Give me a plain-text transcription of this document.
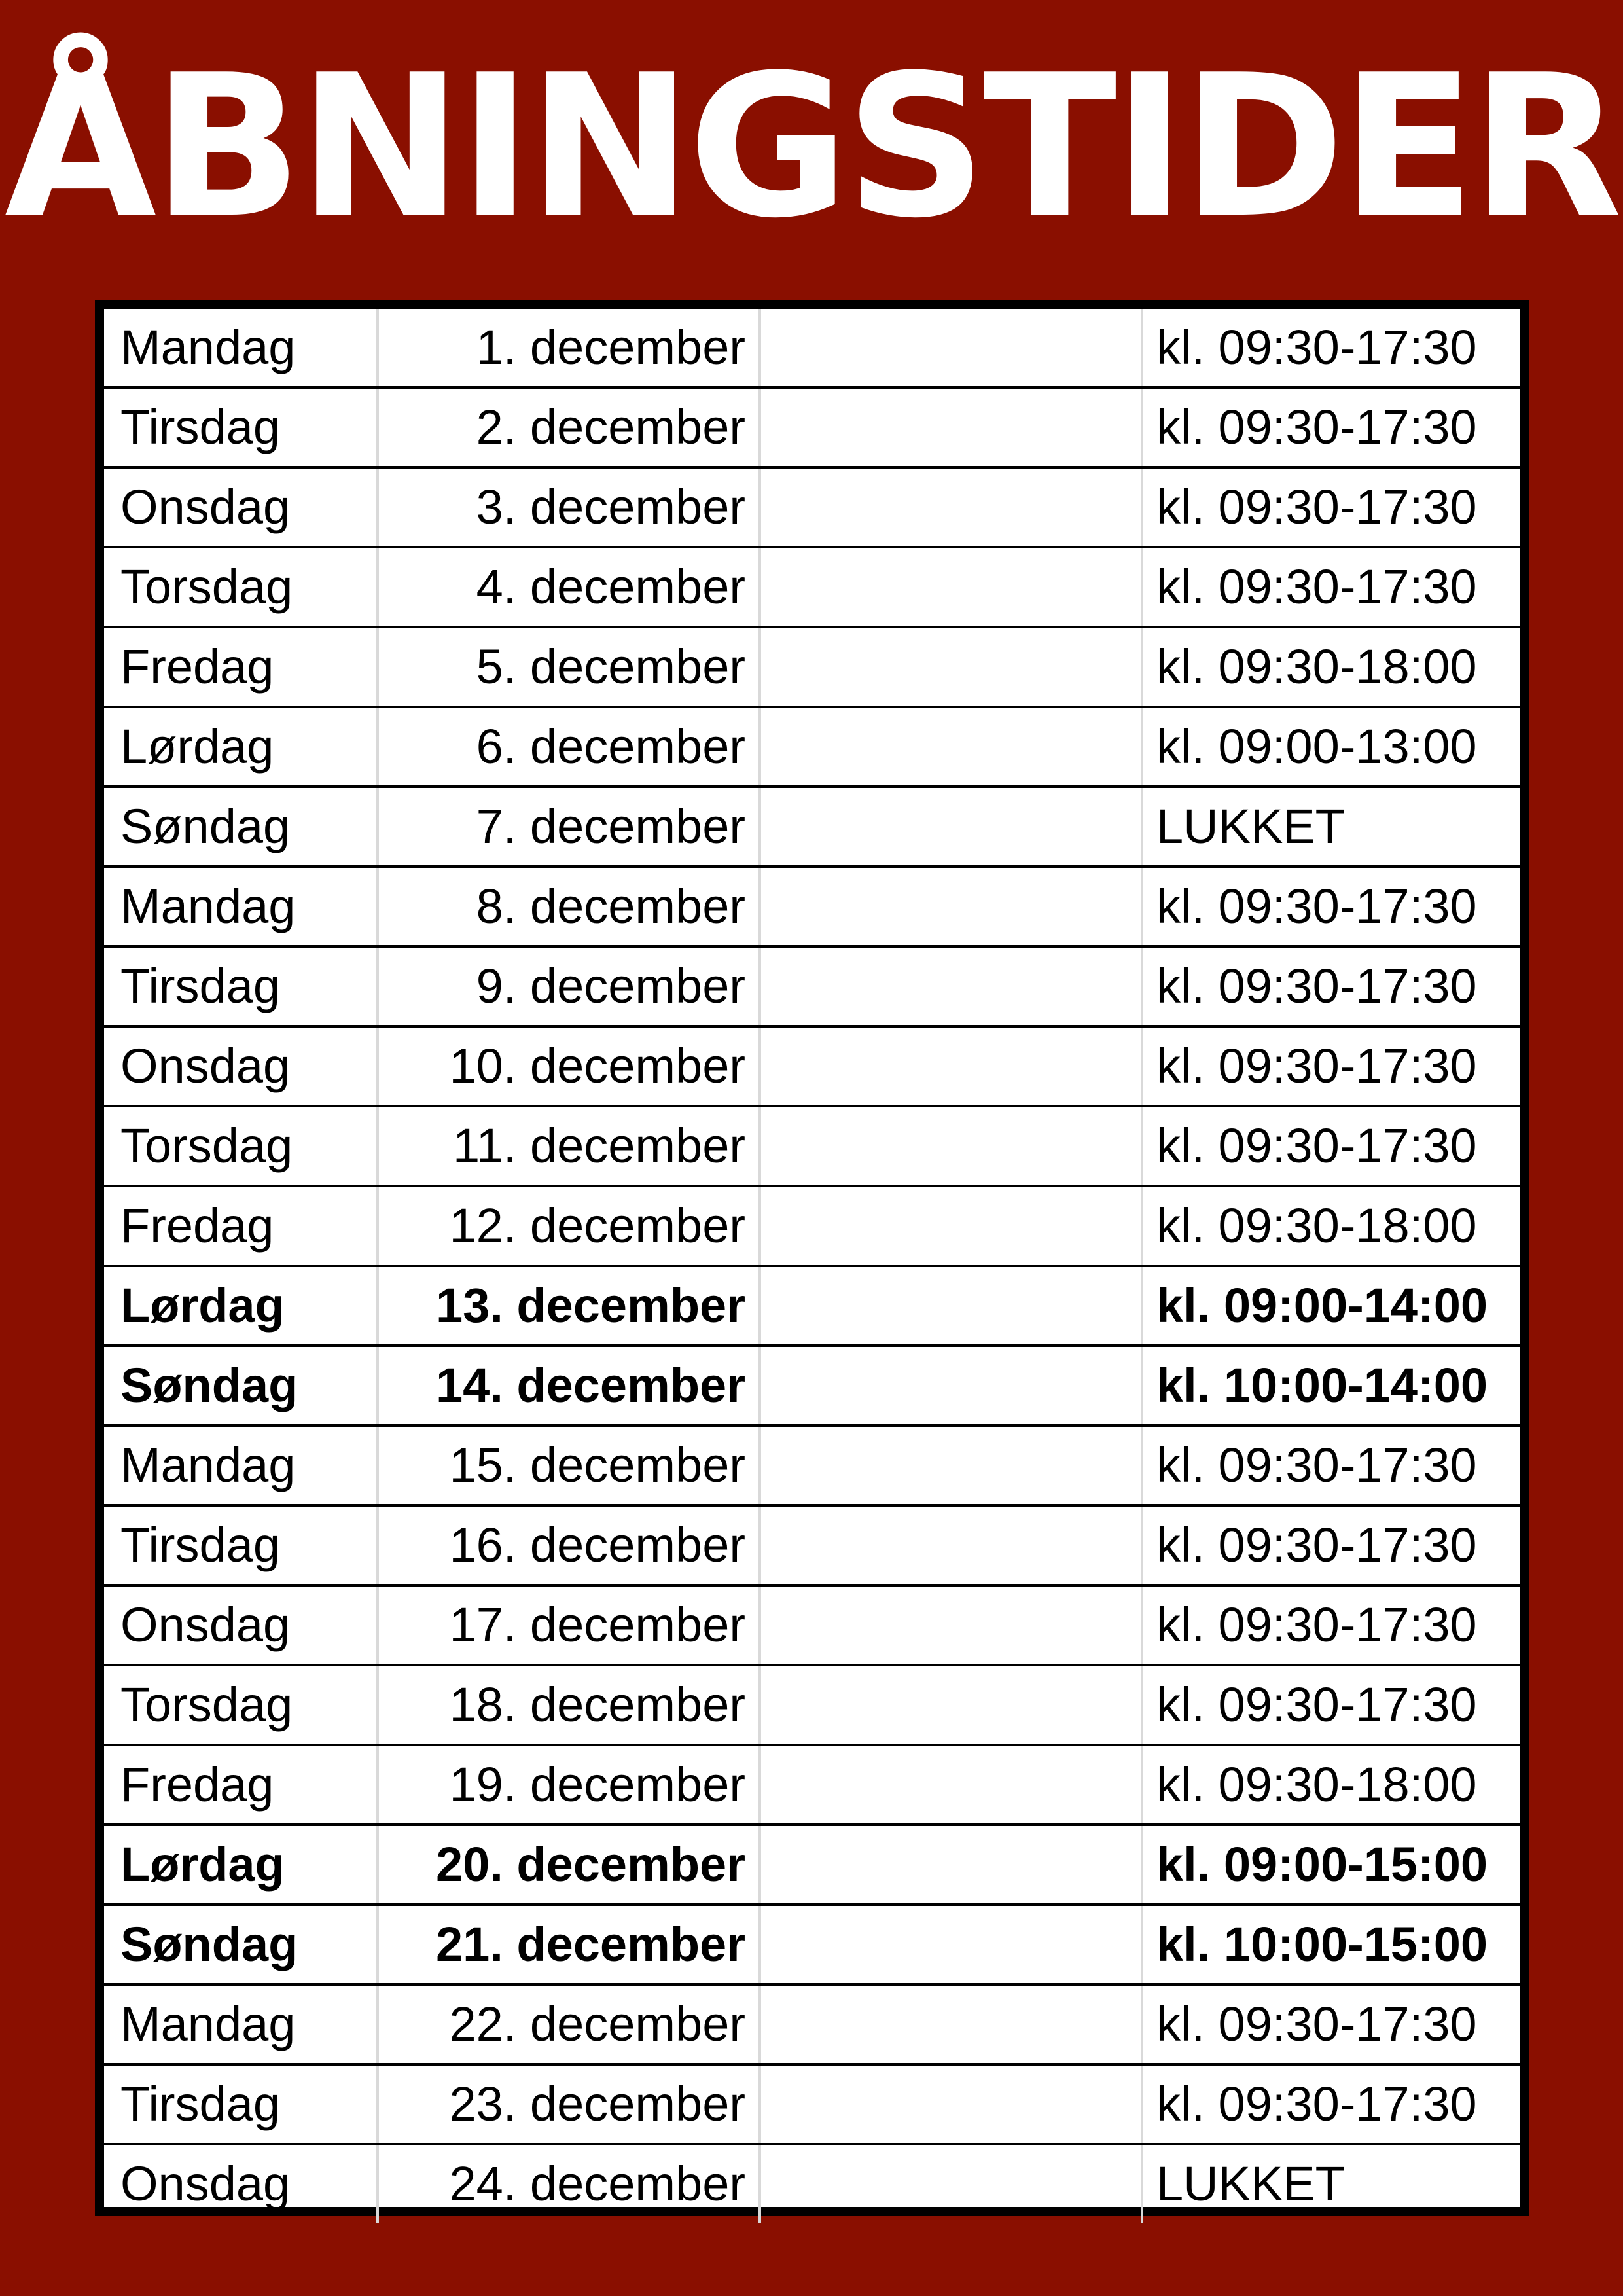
ÅBNINGSTIDER
Mandag	1. december	kl. 09:30-17:30
Tirsdag	2. december	kl. 09:30-17:30
Onsdag	3. december	kl. 09:30-17:30
Torsdag	4. december	kl. 09:30-17:30
Fredag	5. december	kl. 09:30-18:00
Lørdag	6. december	kl. 09:00-13:00
Søndag	7. december	LUKKET
Mandag	8. december	kl. 09:30-17:30
Tirsdag	9. december	kl. 09:30-17:30
Onsdag	10. december	kl. 09:30-17:30
Torsdag	11. december	kl. 09:30-17:30
Fredag	12. december	kl. 09:30-18:00
Lørdag	13. december	kl. 09:00-14:00
Søndag	14. december	kl. 10:00-14:00
Mandag	15. december	kl. 09:30-17:30
Tirsdag	16. december	kl. 09:30-17:30
Onsdag	17. december	kl. 09:30-17:30
Torsdag	18. december	kl. 09:30-17:30
Fredag	19. december	kl. 09:30-18:00
Lørdag	20. december	kl. 09:00-15:00
Søndag	21. december	kl. 10:00-15:00
Mandag	22. december	kl. 09:30-17:30
Tirsdag	23. december	kl. 09:30-17:30
Onsdag	24. december	LUKKET
